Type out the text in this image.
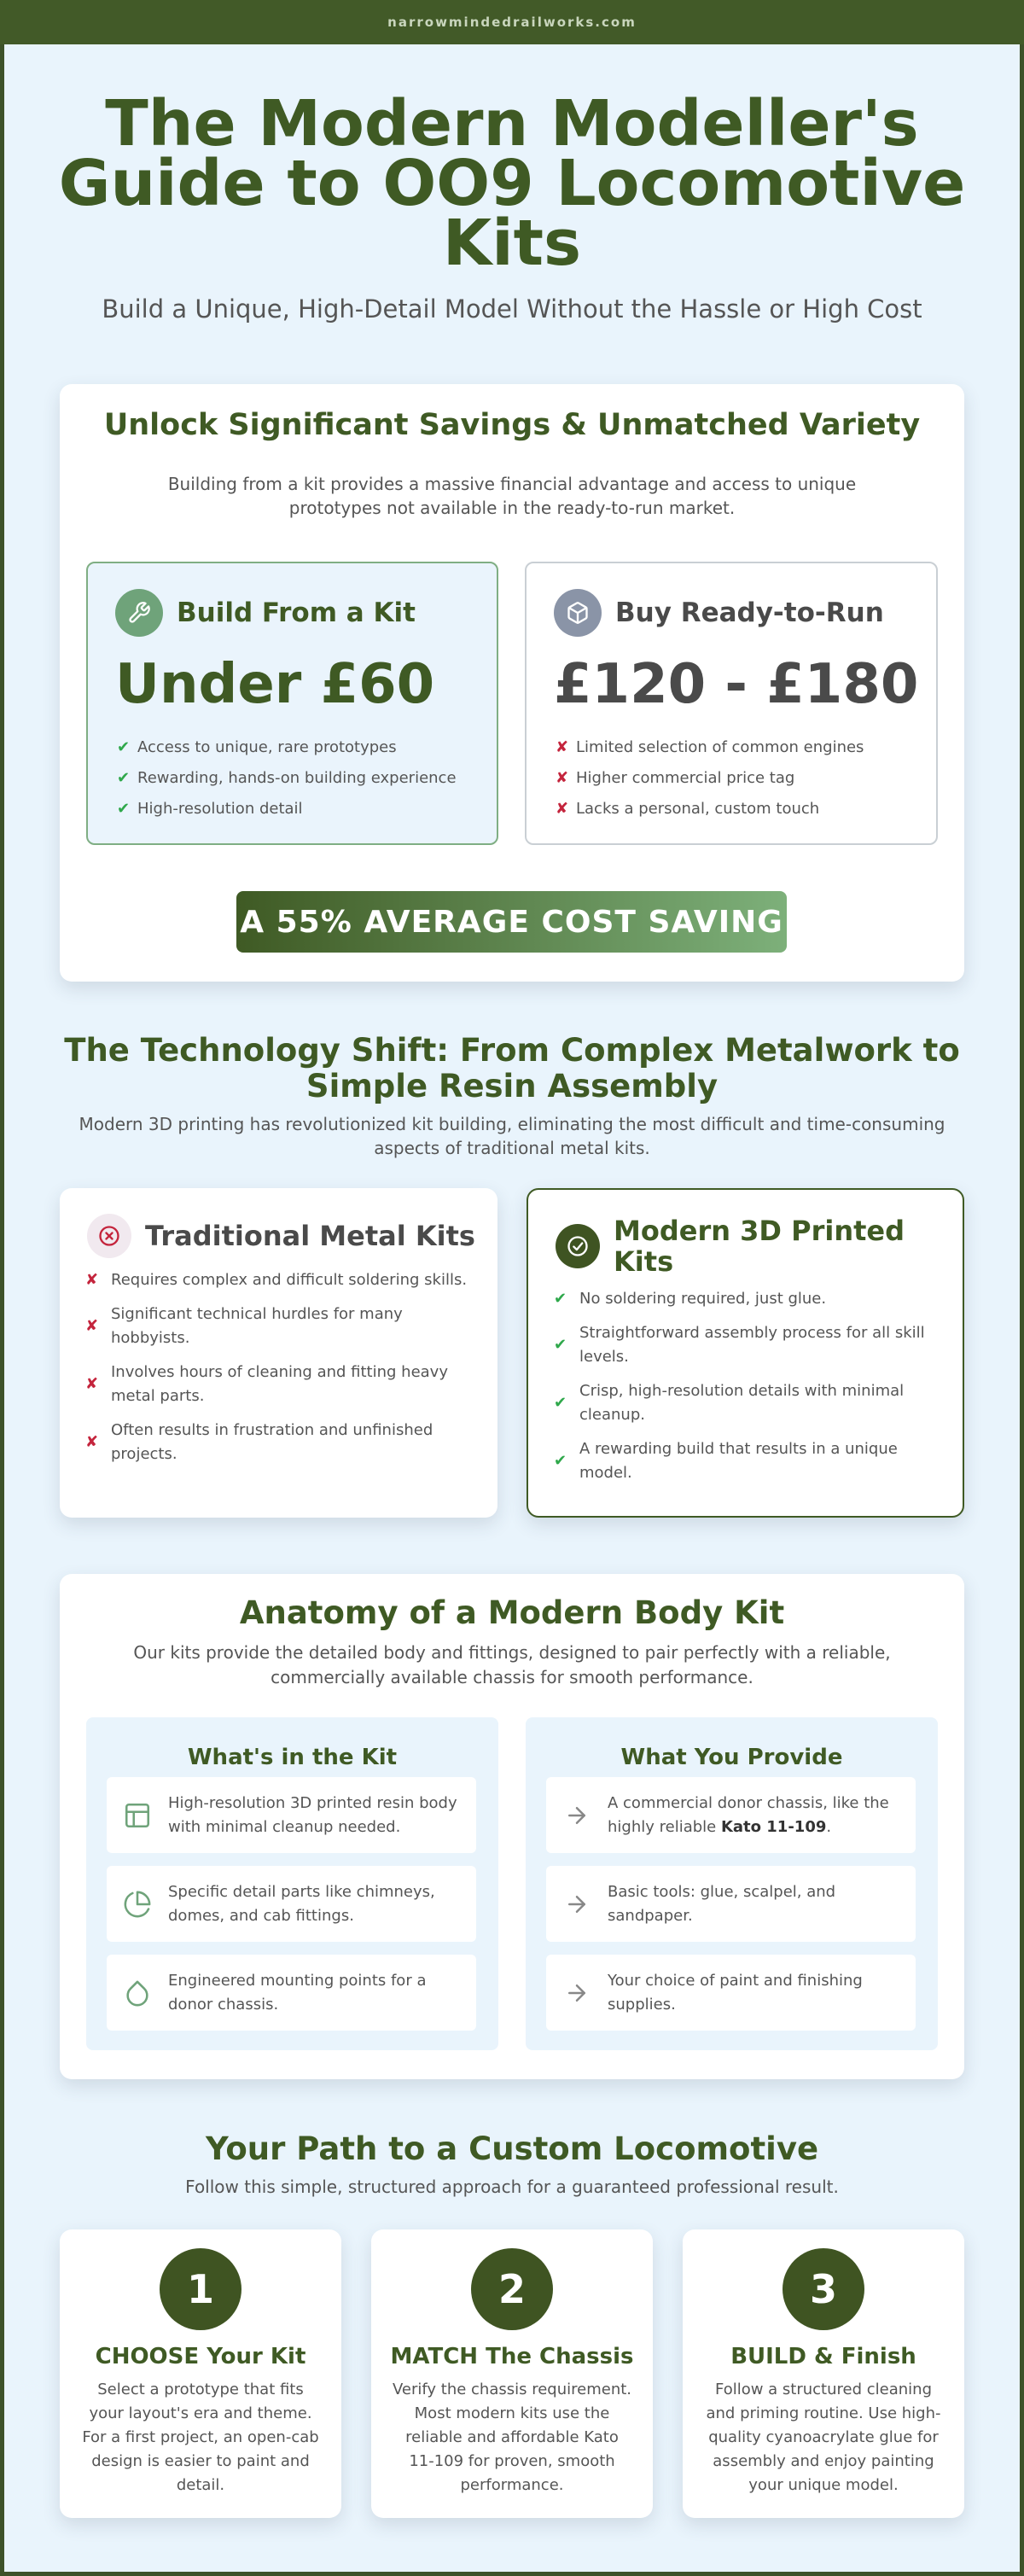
narrowmindedrailworks.com
The Modern Modeller's Guide to OO9 Locomotive Kits
Build a Unique, High-Detail Model Without the Hassle or High Cost
Unlock Significant Savings & Unmatched Variety
Building from a kit provides a massive financial advantage and access to unique prototypes not available in the ready-to-run market.
Build From a Kit
Under £60
✔ Access to unique, rare prototypes
✔ Rewarding, hands-on building experience
✔ High-resolution detail
Buy Ready-to-Run
£120 - £180
✘ Limited selection of common engines
✘ Higher commercial price tag
✘ Lacks a personal, custom touch
A 55% AVERAGE COST SAVING
The Technology Shift: From Complex Metalwork to Simple Resin Assembly
Modern 3D printing has revolutionized kit building, eliminating the most difficult and time-consuming aspects of traditional metal kits.
Traditional Metal Kits
✘ Requires complex and difficult soldering skills.
✘
Significant technical hurdles for many hobbyists.
✘
Involves hours of cleaning and fitting heavy metal parts.
✘
Often results in frustration and unfinished projects.
Modern 3D Printed Kits
✔ No soldering required, just glue.
✔
Straightforward assembly process for all skill levels.
✔
Crisp, high-resolution details with minimal cleanup.
✔
A rewarding build that results in a unique model.
What's in the Kit
High-resolution 3D printed resin body with minimal cleanup needed.
Specific detail parts like chimneys, domes, and cab fittings.
Engineered mounting points for a donor chassis.
What You Provide
A commercial donor chassis, like the highly reliable Kato 11-109.
Basic tools: glue, scalpel, and sandpaper.
Your choice of paint and finishing supplies.
Anatomy of a Modern Body Kit
Our kits provide the detailed body and fittings, designed to pair perfectly with a reliable, commercially available chassis for smooth performance.
Your Path to a Custom Locomotive
Follow this simple, structured approach for a guaranteed professional result.
1
CHOOSE Your Kit
Select a prototype that fits your layout's era and theme. For a first project, an open-cab design is easier to paint and detail.
2
MATCH The Chassis
Verify the chassis requirement. Most modern kits use the reliable and affordable Kato 11-109 for proven, smooth performance.
3
BUILD & Finish
Follow a structured cleaning and priming routine. Use high-quality cyanoacrylate glue for assembly and enjoy painting your unique model.
